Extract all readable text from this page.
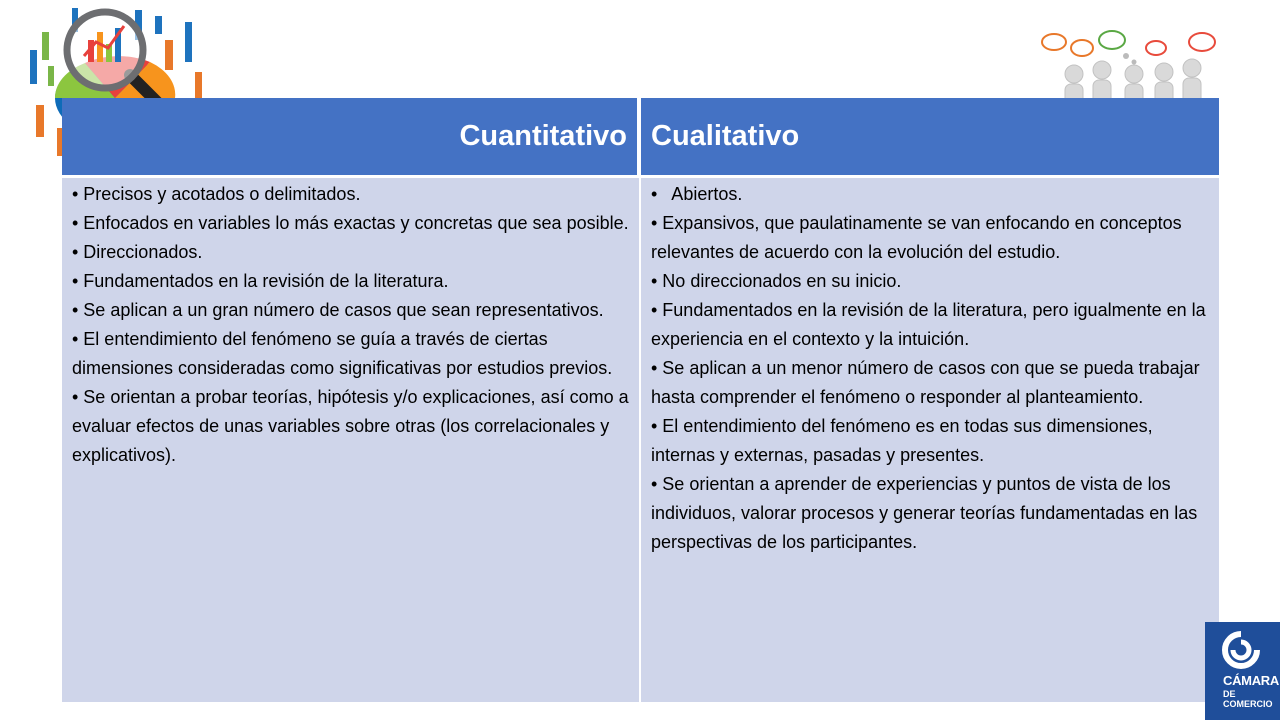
Cuantitativo Cualitativo

• Precisos y acotados o delimitados.

• Enfocados en variables lo más exactas y concretas que sea posible.

• Direccionados.

• Fundamentados en la revisión de la literatura.

• Se aplican a un gran número de casos que sean representativos.

• El entendimiento del fenómeno se guía a través de ciertas dimensiones consideradas como significativas por estudios previos.

• Se orientan a probar teorías, hipótesis y/o explicaciones, así como a evaluar efectos de unas variables sobre otras (los correlacionales y explicativos).

•   Abiertos.

• Expansivos, que paulatinamente se van enfocando en conceptos relevantes de acuerdo con la evolución del estudio.

• No direccionados en su inicio.

• Fundamentados en la revisión de la literatura, pero igualmente en la experiencia en el contexto y la intuición.

• Se aplican a un menor número de casos con que se pueda trabajar hasta comprender el fenómeno o responder al planteamiento.

• El entendimiento del fenómeno es en todas sus dimensiones, internas y externas, pasadas y presentes.

• Se orientan a aprender de experiencias y puntos de vista de los individuos, valorar procesos y generar teorías fundamentadas en las perspectivas de los participantes.

CÁMARA
DE COMERCIO
